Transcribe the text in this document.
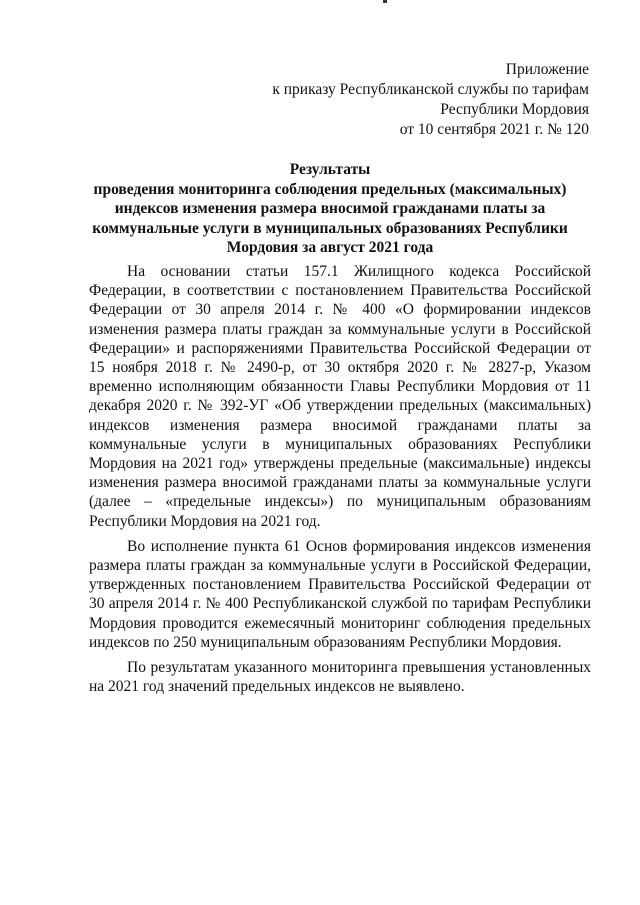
Приложение
к приказу Республиканской службы по тарифам
Республики Мордовия
от 10 сентября 2021 г. № 120
Результаты
проведения мониторинга соблюдения предельных (максимальных)
индексов изменения размера вносимой гражданами платы за
коммунальные услуги в муниципальных образованиях Республики
Мордовия за август 2021 года

На основании статьи 157.1 Жилищного кодекса Российской Федерации, в соответствии с постановлением Правительства Российской Федерации от 30 апреля 2014 г. № 400 «О формировании индексов изменения размера платы граждан за коммунальные услуги в Российской Федерации» и распоряжениями Правительства Российской Федерации от 15 ноября 2018 г. № 2490-р, от 30 октября 2020 г. № 2827-р, Указом временно исполняющим обязанности Главы Республики Мордовия от 11 декабря 2020 г. № 392-УГ «Об утверждении предельных (максимальных) индексов изменения размера вносимой гражданами платы за коммунальные услуги в муниципальных образованиях Республики Мордовия на 2021 год» утверждены предельные (максимальные) индексы изменения размера вносимой гражданами платы за коммунальные услуги (далее – «предельные индексы») по муниципальным образованиям Республики Мордовия на 2021 год.

Во исполнение пункта 61 Основ формирования индексов изменения размера платы граждан за коммунальные услуги в Российской Федерации, утвержденных постановлением Правительства Российской Федерации от 30 апреля 2014 г. № 400 Республиканской службой по тарифам Республики Мордовия проводится ежемесячный мониторинг соблюдения предельных индексов по 250 муниципальным образованиям Республики Мордовия.

По результатам указанного мониторинга превышения установленных на 2021 год значений предельных индексов не выявлено.
